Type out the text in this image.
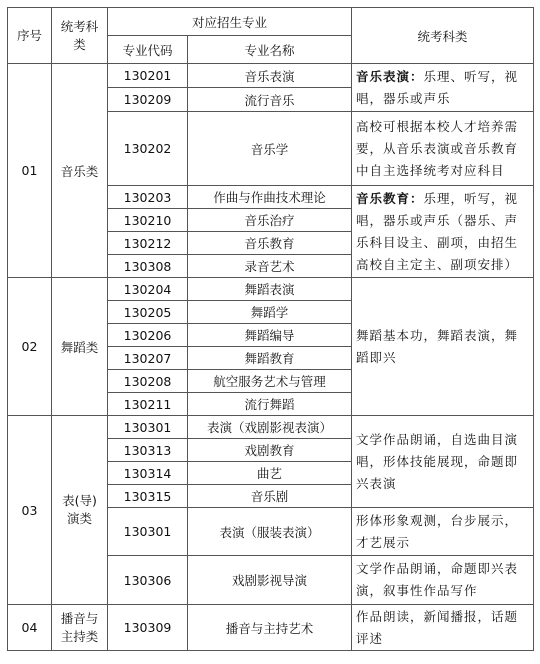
序号	统考科类	对应招生专业		统考科类
		专业代码	专业名称	
01	音乐类	130201	音乐表演	音乐表演：乐理、听写，视唱，器乐或声乐
		130209	流行音乐	
		130202	音乐学	高校可根据本校人才培养需要，从音乐表演或音乐教育中自主选择统考对应科目
		130203	作曲与作曲技术理论	音乐教育：乐理，听写，视唱，器乐或声乐（器乐、声乐科目设主、副项，由招生高校自主定主、副项安排）
		130210	音乐治疗	
		130212	音乐教育	
		130308	录音艺术	
02	舞蹈类	130204	舞蹈表演	舞蹈基本功，舞蹈表演，舞蹈即兴
		130205	舞蹈学	
		130206	舞蹈编导	
		130207	舞蹈教育	
		130208	航空服务艺术与管理	
		130211	流行舞蹈	
03	表(导)演类	130301	表演（戏剧影视表演）	文学作品朗诵，自选曲目演唱，形体技能展现，命题即兴表演
		130313	戏剧教育	
		130314	曲艺	
		130315	音乐剧	
		130301	表演（服装表演）	形体形象观测，台步展示，才艺展示
		130306	戏剧影视导演	文学作品朗诵，命题即兴表演，叙事性作品写作
04	播音与主持类	130309	播音与主持艺术	作品朗读，新闻播报，话题评述
